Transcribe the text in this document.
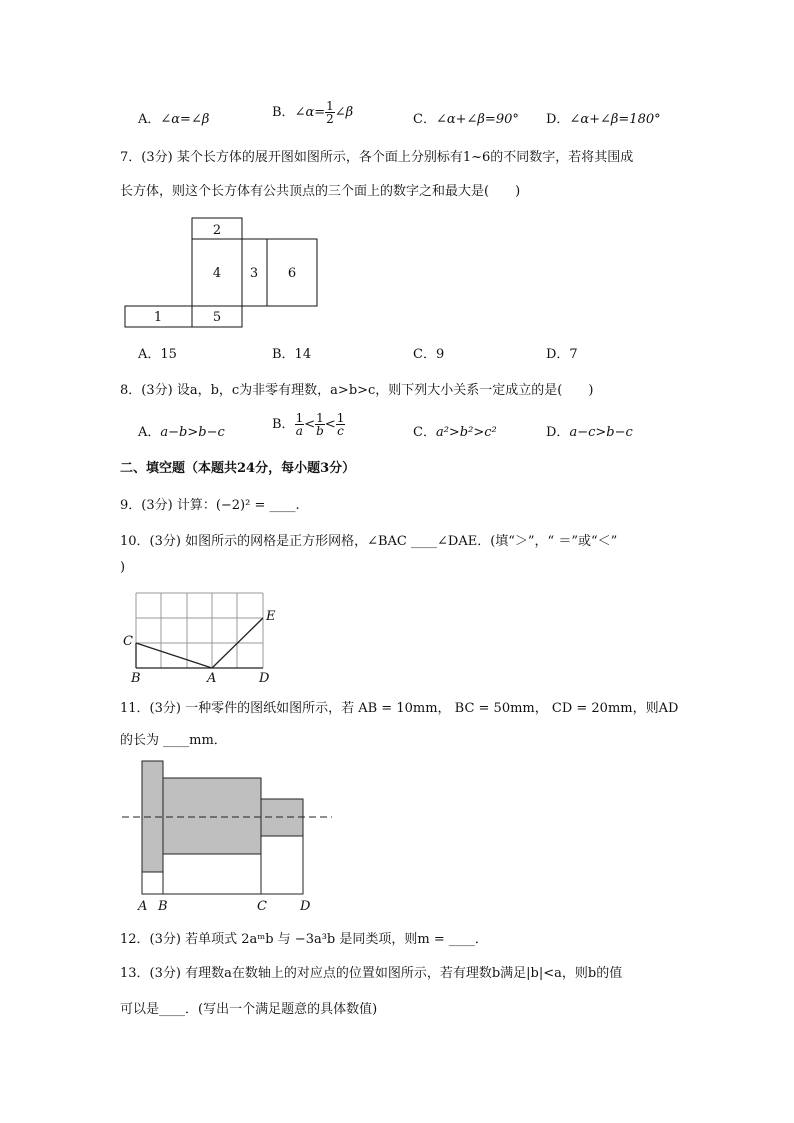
A．∠α=∠β	B．∠α= $\frac{1}{2}$ ∠β	C．∠α+∠β=90° D．∠α+∠β=180°
7．(3分) 某个长方体的展开图如图所示，各个面上分别标有1~6的不同数字，若将其围成
长方体，则这个长方体有公共顶点的三个面上的数字之和最大是(　　)
2
4 3 6
1	5
A．15	B．14	C．9	D．7
8．(3分) 设a，b，c为非零有理数，a>b>c，则下列大小关系一定成立的是(　　)
A．a−b>b−c
B． $\frac{1}{a} < \frac{1}{b} < \frac{1}{c}$	C．a²>b²>c²	D．a−c>b−c
二、填空题（本题共24分，每小题3分）
9．(3分) 计算：(−2)² = ____.
10．(3分) 如图所示的网格是正方形网格，∠BAC ____∠DAE．(填“＞”，“ ＝”或“＜”
)
C
E
B	A	D
11．(3分) 一种零件的图纸如图所示，若 AB = 10mm， BC = 50mm， CD = 20mm，则AD
的长为 ____mm．
A B	C	D
12．(3分) 若单项式 2aᵐb 与 −3a³b 是同类项，则m = ____．
13．(3分) 有理数a在数轴上的对应点的位置如图所示，若有理数b满足|b|<a，则b的值
可以是____．(写出一个满足题意的具体数值)
